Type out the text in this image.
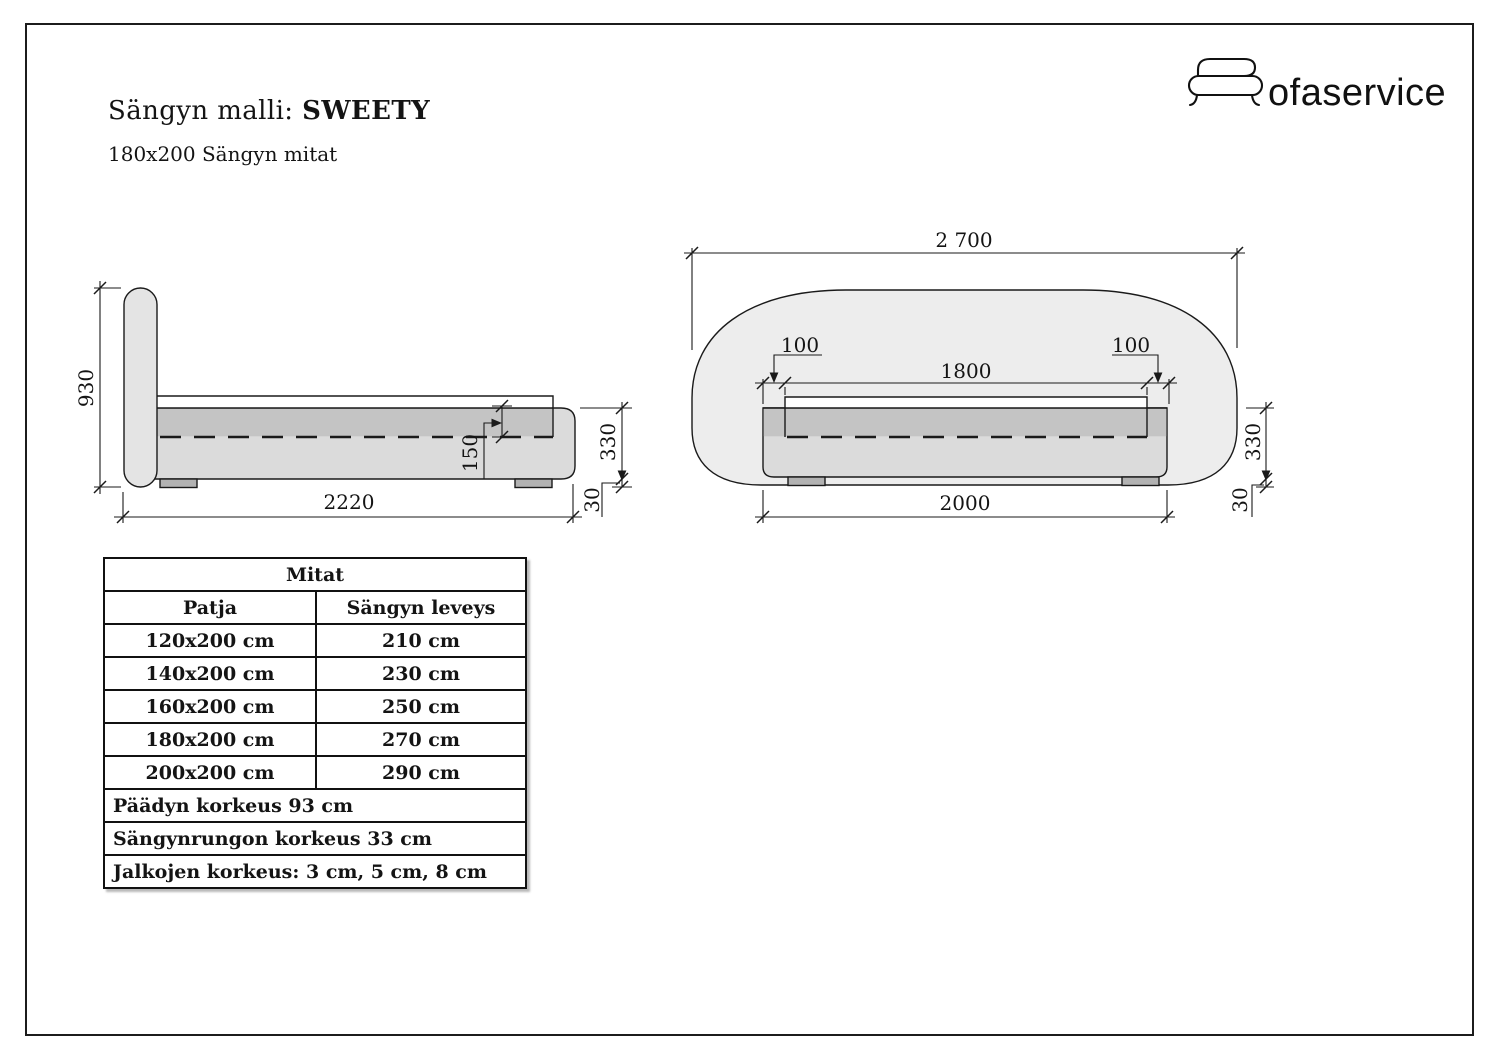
Sängyn malli: SWEETY
180x200 Sängyn mitat
ofaservice
930
2220
150	330
30
2 700
100	100
1800
2000
330
30
Mitat	
Patja	Sängyn leveys
120x200 cm	210 cm
140x200 cm	230 cm
160x200 cm	250 cm
180x200 cm	270 cm
200x200 cm	290 cm
Päädyn korkeus 93 cm	
Sängynrungon korkeus 33 cm	
Jalkojen korkeus: 3 cm, 5 cm, 8 cm	
